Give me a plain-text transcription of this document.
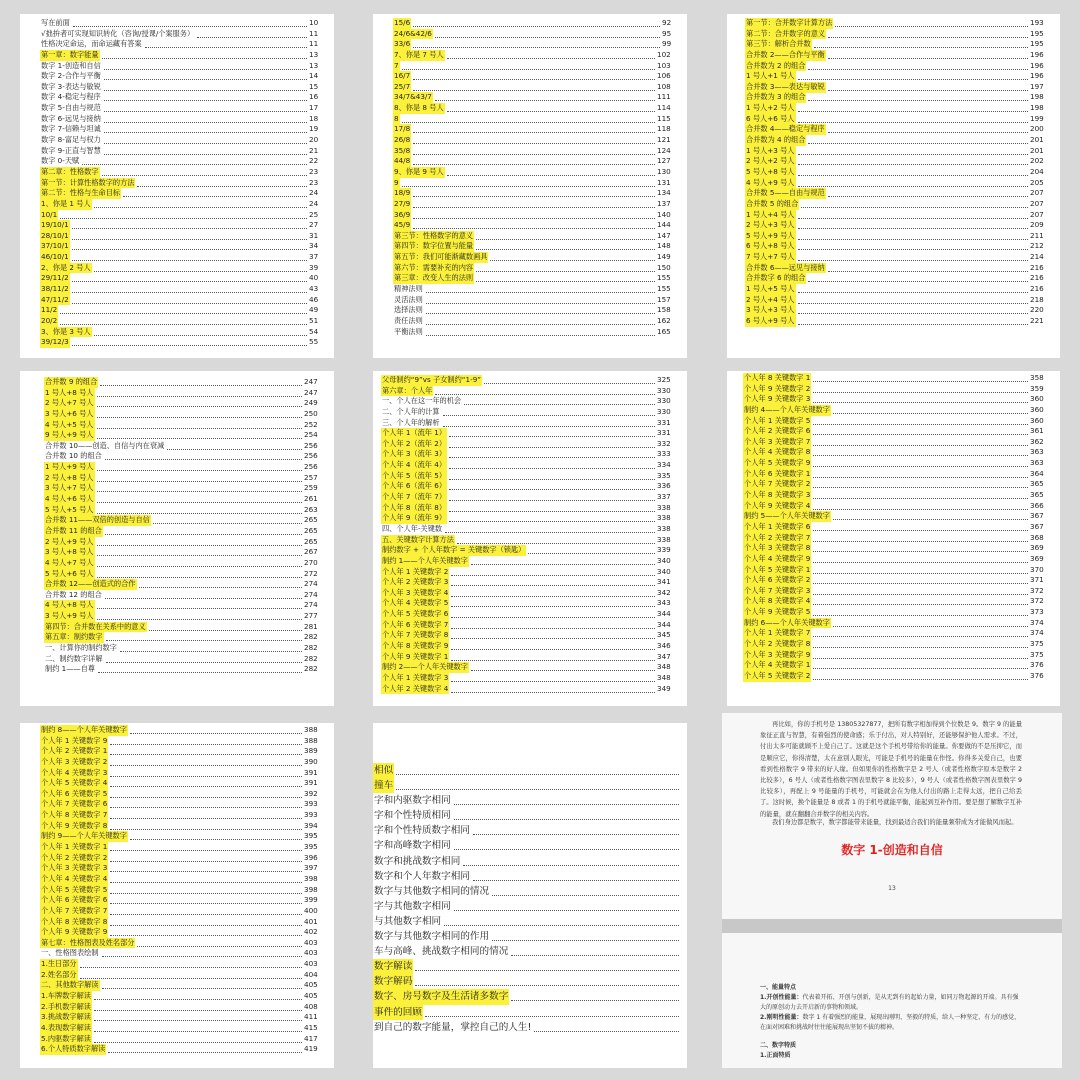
写在前面	10
√拙拚者可实现知识转化（咨询/授课/个案服务）	11
性格决定命运，而命运藏有答案	11
第一章：数字能量	13
数字 1-创造和自信	13
数字 2-合作与平衡	14
数字 3-表达与敏锐	15
数字 4-稳定与程序	16
数字 5-自由与规范	17
数字 6-远见与接纳	18
数字 7-信赖与坦诚	19
数字 8-富足与权力	20
数字 9-正直与智慧	21
数字 0-天赋	22
第二章：性格数字	23
第一节：计算性格数字的方法	23
第二节：性格与生命目标	24
1、你是 1 号人	24
10/1	25
19/10/1	27
28/10/1	31
37/10/1	34
46/10/1	37
2、你是 2 号人	39
29/11/2	40
38/11/2	43
47/11/2	46
11/2	49
20/2	51
3、你是 3 号人	54
39/12/3	55
15/6	92
24/6&42/6	95
33/6	99
7、你是 7 号人	102
7	103
16/7	106
25/7	108
34/7&43/7	111
8、你是 8 号人	114
8	115
17/8	118
26/8	121
35/8	124
44/8	127
9、你是 9 号人	130
9	131
18/9	134
27/9	137
36/9	140
45/9	144
第三节：性格数字的意义	147
第四节：数字位置与能量	148
第五节：我们可能渐藏数画具	149
第六节：需要补充的内容	150
第三章：改变人生的法则	155
精神法则	155
灵活法则	157
选择法则	158
责任法则	162
平衡法则	165
第一节：合并数字计算方法	193
第二节：合并数字的意义	195
第三节：解析合并数	195
合并数 2——合作与平衡	196
合并数为 2 的组合	196
1 号人+1 号人	196
合并数 3——表达与敏锐	197
合并数为 3 的组合	198
1 号人+2 号人	198
6 号人+6 号人	199
合并数 4——稳定与程序	200
合并数为 4 的组合	201
1 号人+3 号人	201
2 号人+2 号人	202
5 号人+8 号人	204
4 号人+9 号人	205
合并数 5——自由与规范	207
合并数 5 的组合	207
1 号人+4 号人	207
2 号人+3 号人	209
5 号人+9 号人	211
6 号人+8 号人	212
7 号人+7 号人	214
合并数 6——远见与接纳	216
合并数字 6 的组合	216
1 号人+5 号人	216
2 号人+4 号人	218
3 号人+3 号人	220
6 号人+9 号人	221
合并数 9 的组合	247
1 号人+8 号人	247
2 号人+7 号人	249
3 号人+6 号人	250
4 号人+5 号人	252
9 号人+9 号人	254
合并数 10——创造、自信与内在衰减	256
合并数 10 的组合	256
1 号人+9 号人	256
2 号人+8 号人	257
3 号人+7 号人	259
4 号人+6 号人	261
5 号人+5 号人	263
合并数 11——双倍的创造与自信	265
合并数 11 的组合	265
2 号人+9 号人	265
3 号人+8 号人	267
4 号人+7 号人	270
5 号人+6 号人	272
合并数 12——创造式的合作	274
合并数 12 的组合	274
4 号人+8 号人	274
3 号人+9 号人	277
第四节：合并数在关系中的意义	281
第五章：制约数字	282
一、计算你的制约数字	282
二、制约数字详解	282
制约 1——自尊	282
父母制约“9”vs 子女制约“1-9”	325
第六章：个人年	330
一、个人在这一年的机会	330
二、个人年的计算	330
三、个人年的解析	331
个人年 1（流年 1）	331
个人年 2（流年 2）	332
个人年 3（流年 3）	333
个人年 4（流年 4）	334
个人年 5（流年 5）	335
个人年 6（流年 6）	336
个人年 7（流年 7）	337
个人年 8（流年 8）	338
个人年 9（流年 9）	338
四、个人年-关键数	338
五、关键数字计算方法	338
制约数字 + 个人年数字 = 关键数字（锁匙）	339
制约 1——个人年关键数字	340
个人年 1 关键数字 2	340
个人年 2 关键数字 3	341
个人年 3 关键数字 4	342
个人年 4 关键数字 5	343
个人年 5 关键数字 6	344
个人年 6 关键数字 7	344
个人年 7 关键数字 8	345
个人年 8 关键数字 9	346
个人年 9 关键数字 1	347
制约 2——个人年关键数字	348
个人年 1 关键数字 3	348
个人年 2 关键数字 4	349
个人年 8 关键数字 1	358
个人年 9 关键数字 2	359
个人年 9 关键数字 3	360
制约 4——个人年关键数字	360
个人年 1 关键数字 5	360
个人年 2 关键数字 6	361
个人年 3 关键数字 7	362
个人年 4 关键数字 8	363
个人年 5 关键数字 9	363
个人年 6 关键数字 1	364
个人年 7 关键数字 2	365
个人年 8 关键数字 3	365
个人年 9 关键数字 4	366
制约 5——个人年关键数字	367
个人年 1 关键数字 6	367
个人年 2 关键数字 7	368
个人年 3 关键数字 8	369
个人年 4 关键数字 9	369
个人年 5 关键数字 1	370
个人年 6 关键数字 2	371
个人年 7 关键数字 3	372
个人年 8 关键数字 4	372
个人年 9 关键数字 5	373
制约 6——个人年关键数字	374
个人年 1 关键数字 7	374
个人年 2 关键数字 8	375
个人年 3 关键数字 9	375
个人年 4 关键数字 1	376
个人年 5 关键数字 2	376
制约 8——个人年关键数字	388
个人年 1 关键数字 9	388
个人年 2 关键数字 1	389
个人年 3 关键数字 2	390
个人年 4 关键数字 3	391
个人年 5 关键数字 4	391
个人年 6 关键数字 5	392
个人年 7 关键数字 6	393
个人年 8 关键数字 7	393
个人年 9 关键数字 8	394
制约 9——个人年关键数字	395
个人年 1 关键数字 1	395
个人年 2 关键数字 2	396
个人年 3 关键数字 3	397
个人年 4 关键数字 4	398
个人年 5 关键数字 5	398
个人年 6 关键数字 6	399
个人年 7 关键数字 7	400
个人年 8 关键数字 8	401
个人年 9 关键数字 9	402
第七章：性格图表及姓名部分	403
一、性格图表绘制	403
1.生日部分	403
2.姓名部分	404
二、其他数字解读	405
1.车牌数字解读	405
2.手机数字解读	408
3.挑战数字解读	411
4.表现数字解读	415
5.内驱数字解读	417
6.个人特质数字解读	419
相似
撞车
字和内驱数字相同
字和个性特质相同
字和个性特质数字相同
字和高峰数字相同
数字和挑战数字相同
数字和个人年数字相同
数字与其他数字相同的情况
字与其他数字相同
与其他数字相同
数字与其他数字相同的作用
车与高峰、挑战数字相同的情况
数字解读
数字解码
数字、房号数字及生活诸多数字
事件的回顾
到自己的数字能量，掌控自己的人生!
再比如，你的手机号是 13805327877，把所有数字相加得到个位数是 9。数字 9 的能量象征正直与智慧，有着强烈的使命感；乐于付出，对人特别好，还能够保护他人需求。不过，付出太多可能就顾不上爱自己了。这就是这个手机号带给你的能量。你要做的不是压抑它，而是顺应它，你得清楚，太在意别人眼光，可能是手机号的能量在作怪。你得多关爱自己，也要看到性格数字 9 带来的好人缘。但如果你的性格数字是 2 号人（或者性格数字原本是数字 2 比较多），6 号人（或者性格数字图表里数字 8 比较多），9 号人（或者性格数字图表里数字 9 比较多），再配上 9 号能量的手机号，可能就会在为他人付出的路上走得太远，把自己给丢了。这时候，换个能量是 8 或者 1 的手机号就能平衡，能起到互补作用。要是想了解数字互补的能量，就在翻翻合并数字的相关内容。
我们身边都是数字，数字都能带来能量，找到最适合我们的能量频带成为才能做风而起。
数字 1-创造和自信
13
一、能量特点
1.开创性能量：代表着开拓、开创与创新，是从无到有的起始力量，如同万物起源的开端。具有强大的原创动力去开启新的事物和领域。
2.刚明性能量：数字 1 有着强烈的能量，展现出刚明、坚毅的特质，给人一种坚定、有力的感觉，在面对困难和挑战时往往能展现出坚韧不拔的精神。
二、数字特质
1.正面特质
